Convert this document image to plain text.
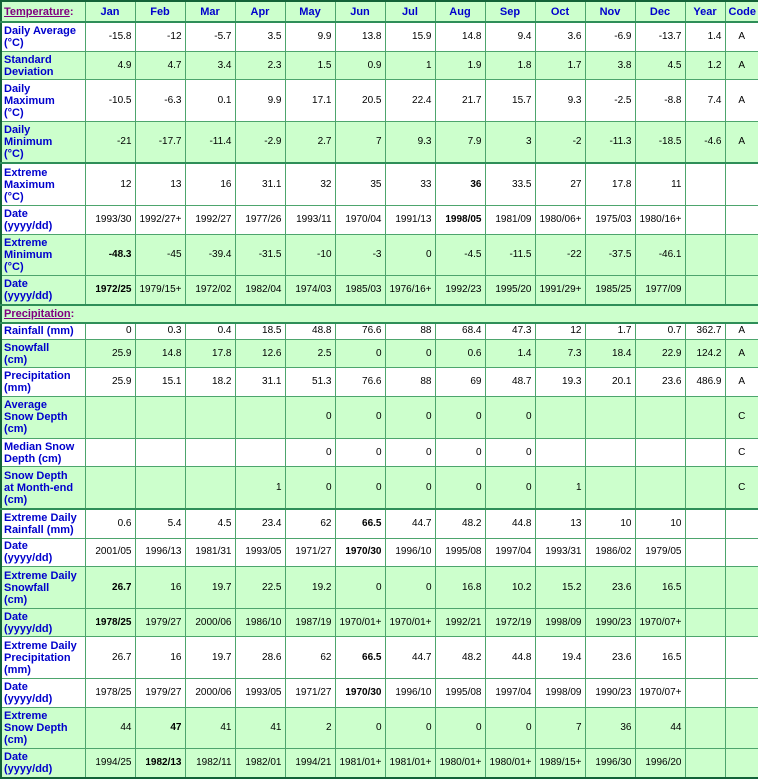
Temperature:	Jan	Feb	Mar	Apr	May	Jun	Jul	Aug	Sep	Oct	Nov	Dec	Year	Code

Daily Average
(°C)	-15.8	-12	-5.7	3.5	9.9	13.8	15.9	14.8	9.4	3.6	-6.9	-13.7	1.4	A

Standard
Deviation	4.9	4.7	3.4	2.3	1.5	0.9	1	1.9	1.8	1.7	3.8	4.5	1.2	A

Daily
Maximum
(°C)	-10.5	-6.3	0.1	9.9	17.1	20.5	22.4	21.7	15.7	9.3	-2.5	-8.8	7.4	A

Daily
Minimum
(°C)	-21	-17.7	-11.4	-2.9	2.7	7	9.3	7.9	3	-2	-11.3	-18.5	-4.6	A

Extreme
Maximum
(°C)	12	13	16	31.1	32	35	33	36	33.5	27	17.8	11		

Date
(yyyy/dd)	1993/30	1992/27+	1992/27	1977/26	1993/11	1970/04	1991/13	1998/05	1981/09	1980/06+	1975/03	1980/16+		

Extreme
Minimum
(°C)	-48.3	-45	-39.4	-31.5	-10	-3	0	-4.5	-11.5	-22	-37.5	-46.1		

Date
(yyyy/dd)	1972/25	1979/15+	1972/02	1982/04	1974/03	1985/03	1976/16+	1992/23	1995/20	1991/29+	1985/25	1977/09		
Precipitation:														

Rainfall (mm)	0	0.3	0.4	18.5	48.8	76.6	88	68.4	47.3	12	1.7	0.7	362.7	A

Snowfall
(cm)	25.9	14.8	17.8	12.6	2.5	0	0	0.6	1.4	7.3	18.4	22.9	124.2	A

Precipitation
(mm)	25.9	15.1	18.2	31.1	51.3	76.6	88	69	48.7	19.3	20.1	23.6	486.9	A

Average
Snow Depth
(cm)					0	0	0	0	0					C

Median Snow
Depth (cm)					0	0	0	0	0					C

Snow Depth
at Month-end
(cm)				1	0	0	0	0	0	1				C

Extreme Daily
Rainfall (mm)	0.6	5.4	4.5	23.4	62	66.5	44.7	48.2	44.8	13	10	10		

Date
(yyyy/dd)	2001/05	1996/13	1981/31	1993/05	1971/27	1970/30	1996/10	1995/08	1997/04	1993/31	1986/02	1979/05		

Extreme Daily
Snowfall
(cm)	26.7	16	19.7	22.5	19.2	0	0	16.8	10.2	15.2	23.6	16.5		

Date
(yyyy/dd)	1978/25	1979/27	2000/06	1986/10	1987/19	1970/01+	1970/01+	1992/21	1972/19	1998/09	1990/23	1970/07+		

Extreme Daily
Precipitation
(mm)	26.7	16	19.7	28.6	62	66.5	44.7	48.2	44.8	19.4	23.6	16.5		

Date
(yyyy/dd)	1978/25	1979/27	2000/06	1993/05	1971/27	1970/30	1996/10	1995/08	1997/04	1998/09	1990/23	1970/07+		

Extreme
Snow Depth
(cm)	44	47	41	41	2	0	0	0	0	7	36	44		

Date
(yyyy/dd)	1994/25	1982/13	1982/11	1982/01	1994/21	1981/01+	1981/01+	1980/01+	1980/01+	1989/15+	1996/30	1996/20		
